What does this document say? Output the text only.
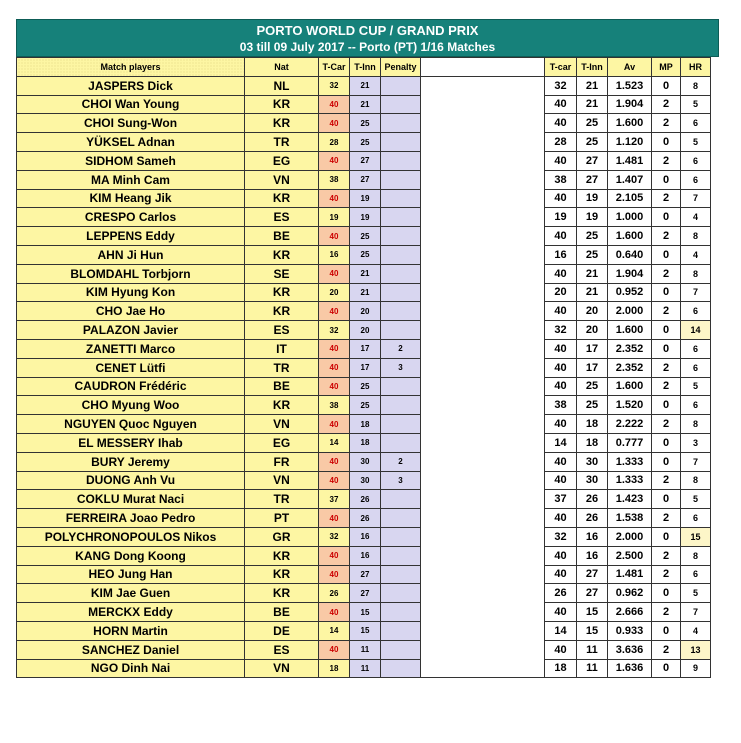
PORTO WORLD CUP / GRAND PRIX
03 till 09 July 2017 -- Porto (PT) 1/16 Matches
Match players	Nat	T-Car	T-Inn	Penalty		T-car	T-Inn	Av	MP	HR
JASPERS Dick	NL	32	21			32	21	1.523	0	8
CHOI Wan Young	KR	40	21			40	21	1.904	2	5
CHOI Sung-Won	KR	40	25			40	25	1.600	2	6
YÜKSEL Adnan	TR	28	25			28	25	1.120	0	5
SIDHOM Sameh	EG	40	27			40	27	1.481	2	6
MA Minh Cam	VN	38	27			38	27	1.407	0	6
KIM Heang Jik	KR	40	19			40	19	2.105	2	7
CRESPO Carlos	ES	19	19			19	19	1.000	0	4
LEPPENS Eddy	BE	40	25			40	25	1.600	2	8
AHN Ji Hun	KR	16	25			16	25	0.640	0	4
BLOMDAHL Torbjorn	SE	40	21			40	21	1.904	2	8
KIM Hyung Kon	KR	20	21			20	21	0.952	0	7
CHO Jae Ho	KR	40	20			40	20	2.000	2	6
PALAZON Javier	ES	32	20			32	20	1.600	0	14
ZANETTI Marco	IT	40	17	2		40	17	2.352	0	6
CENET Lütfi	TR	40	17	3		40	17	2.352	2	6
CAUDRON Frédéric	BE	40	25			40	25	1.600	2	5
CHO Myung Woo	KR	38	25			38	25	1.520	0	6
NGUYEN Quoc Nguyen	VN	40	18			40	18	2.222	2	8
EL MESSERY Ihab	EG	14	18			14	18	0.777	0	3
BURY Jeremy	FR	40	30	2		40	30	1.333	0	7
DUONG Anh Vu	VN	40	30	3		40	30	1.333	2	8
COKLU Murat Naci	TR	37	26			37	26	1.423	0	5
FERREIRA Joao Pedro	PT	40	26			40	26	1.538	2	6
POLYCHRONOPOULOS Nikos	GR	32	16			32	16	2.000	0	15
KANG Dong Koong	KR	40	16			40	16	2.500	2	8
HEO Jung Han	KR	40	27			40	27	1.481	2	6
KIM Jae Guen	KR	26	27			26	27	0.962	0	5
MERCKX Eddy	BE	40	15			40	15	2.666	2	7
HORN Martin	DE	14	15			14	15	0.933	0	4
SANCHEZ Daniel	ES	40	11			40	11	3.636	2	13
NGO Dinh Nai	VN	18	11			18	11	1.636	0	9
